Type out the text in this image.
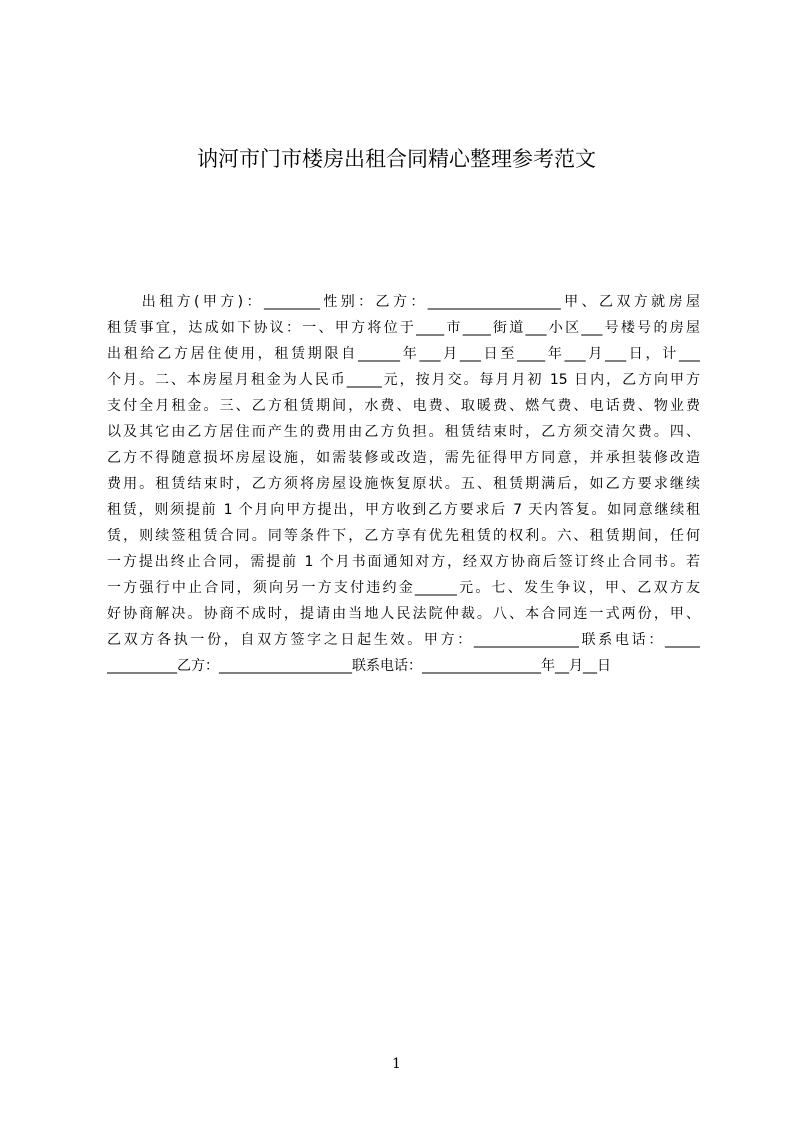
讷河市门市楼房出租合同精心整理参考范文
　　出租方(甲方)：________性别：乙方：___________________甲、乙双方就房屋
租赁事宜，达成如下协议：一、甲方将位于____市____街道___小区___号楼号的房屋
出租给乙方居住使用，租赁期限自______年___月___日至____年___月___日，计___
个月。二、本房屋月租金为人民币_____元，按月交。每月月初 15 日内，乙方向甲方
支付全月租金。三、乙方租赁期间，水费、电费、取暖费、燃气费、电话费、物业费
以及其它由乙方居住而产生的费用由乙方负担。租赁结束时，乙方须交清欠费。四、
乙方不得随意损坏房屋设施，如需装修或改造，需先征得甲方同意，并承担装修改造
费用。租赁结束时，乙方须将房屋设施恢复原状。五、租赁期满后，如乙方要求继续
租赁，则须提前 1 个月向甲方提出，甲方收到乙方要求后 7 天内答复。如同意继续租
赁，则续签租赁合同。同等条件下，乙方享有优先租赁的权利。六、租赁期间，任何
一方提出终止合同，需提前 1 个月书面通知对方，经双方协商后签订终止合同书。若
一方强行中止合同，须向另一方支付违约金______元。七、发生争议，甲、乙双方友
好协商解决。协商不成时，提请由当地人民法院仲裁。八、本合同连一式两份，甲、
乙双方各执一份，自双方签字之日起生效。甲方：_______________联系电话：_____
__________乙方：___________________联系电话：_________________年__月__日
1
